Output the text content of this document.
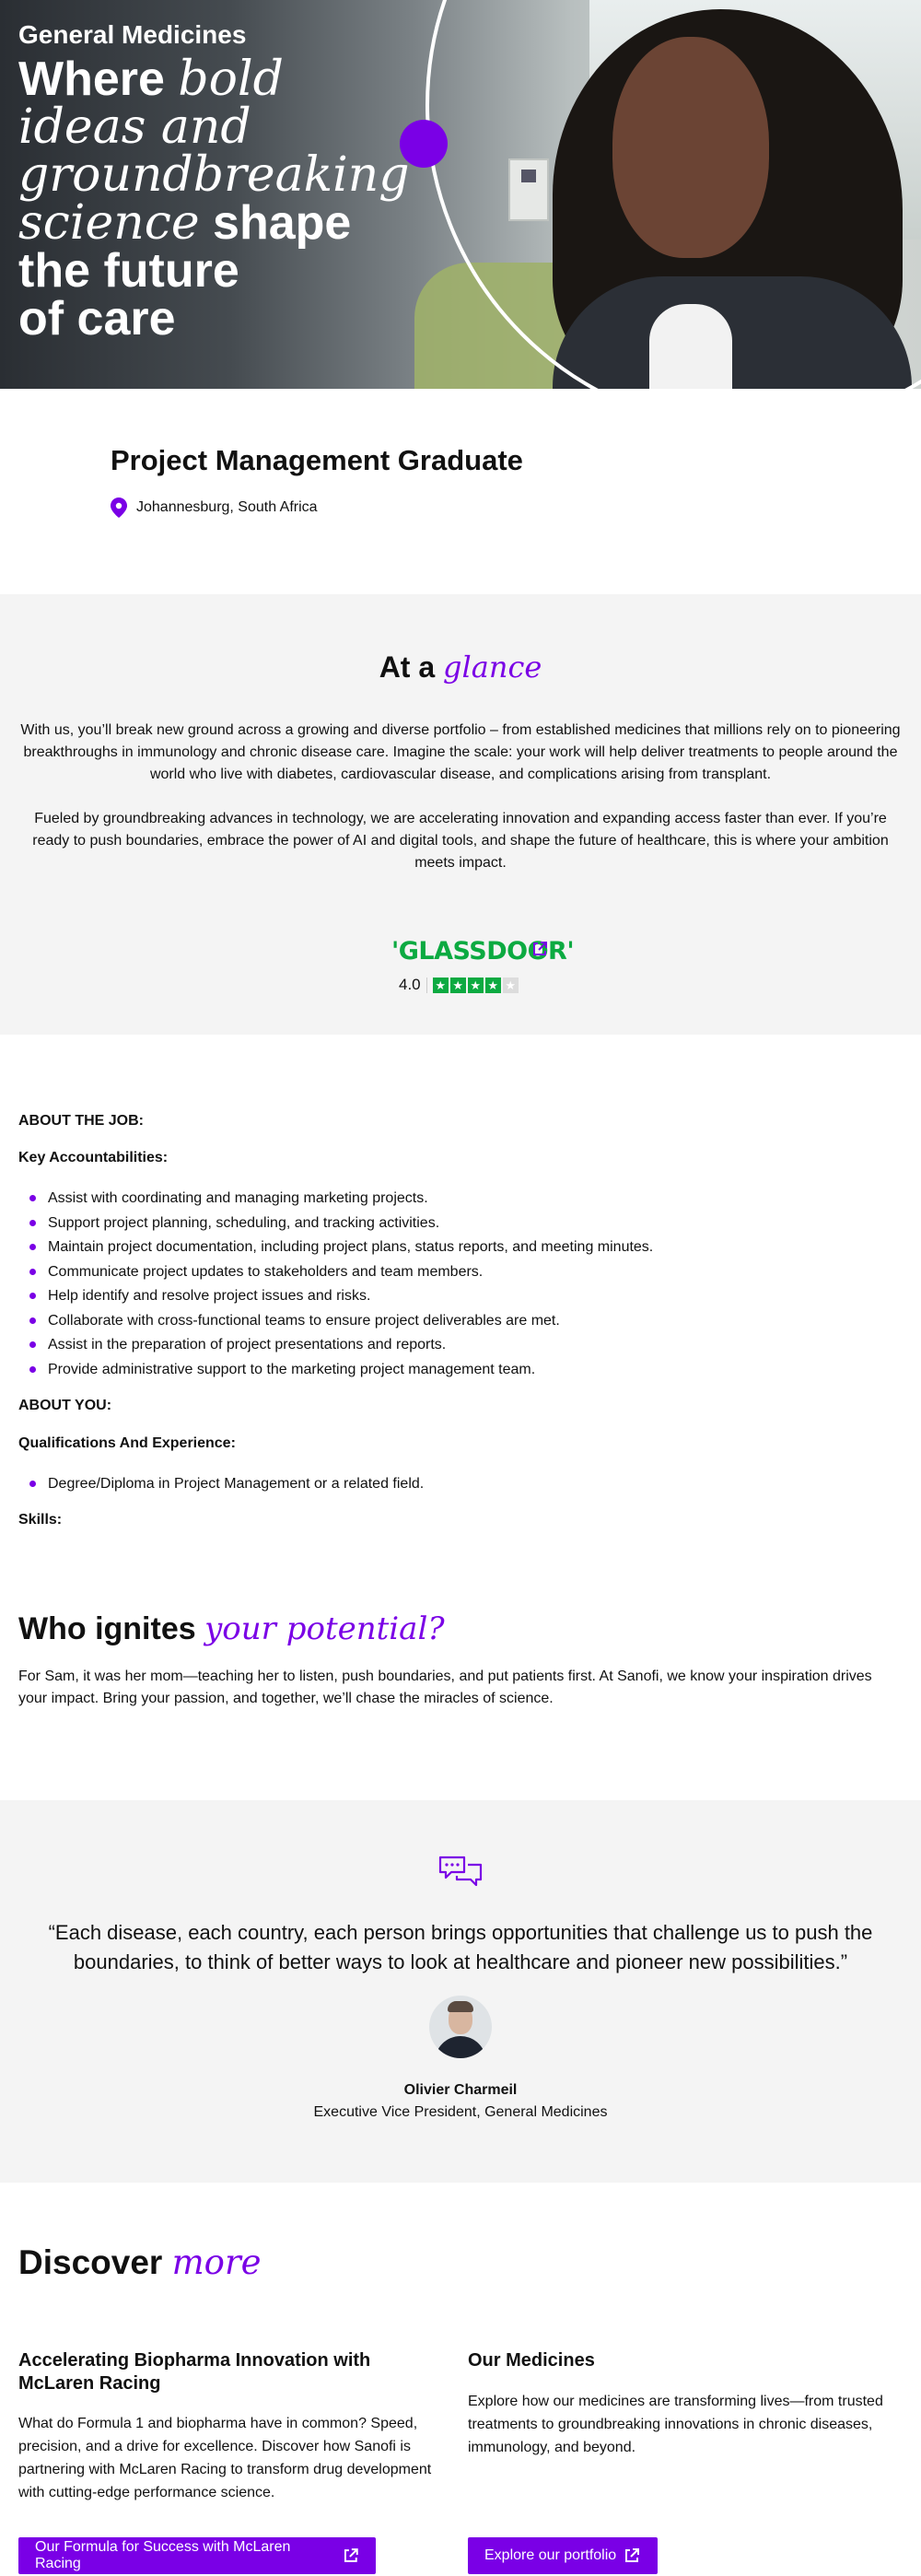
General Medicines
Where bold
ideas and
groundbreaking
science shape
the future
of care
Project Management Graduate
Johannesburg, South Africa
At a glance

With us, you’ll break new ground across a growing and diverse portfolio – from established medicines that millions rely on to pioneering breakthroughs in immunology and chronic disease care. Imagine the scale: your work will help deliver treatments to people around the world who live with diabetes, cardiovascular disease, and complications arising from transplant.

Fueled by groundbreaking advances in technology, we are accelerating innovation and expanding access faster than ever. If you’re ready to push boundaries, embrace the power of AI and digital tools, and shape the future of healthcare, this is where your ambition meets impact.

'GLASSDOOR'
4.0 ★ ★ ★ ★ ★

ABOUT THE JOB:

Key Accountabilities:

Assist with coordinating and managing marketing projects.
Support project planning, scheduling, and tracking activities.
Maintain project documentation, including project plans, status reports, and meeting minutes.
Communicate project updates to stakeholders and team members.
Help identify and resolve project issues and risks.
Collaborate with cross-functional teams to ensure project deliverables are met.
Assist in the preparation of project presentations and reports.
Provide administrative support to the marketing project management team.

ABOUT YOU:

Qualifications And Experience:

Degree/Diploma in Project Management or a related field.

Skills:

Who ignites your potential?

For Sam, it was her mom—teaching her to listen, push boundaries, and put patients first. At Sanofi, we know your inspiration drives your impact. Bring your passion, and together, we’ll chase the miracles of science.

“Each disease, each country, each person brings opportunities that challenge us to push the boundaries, to think of better ways to look at healthcare and pioneer new possibilities.”

Olivier Charmeil
Executive Vice President, General Medicines
Discover more
Accelerating Biopharma Innovation with McLaren Racing

What do Formula 1 and biopharma have in common? Speed, precision, and a drive for excellence. Discover how Sanofi is partnering with McLaren Racing to transform drug development with cutting-edge performance science.

Our Medicines

Explore how our medicines are transforming lives—from trusted treatments to groundbreaking innovations in chronic diseases, immunology, and beyond.

Our Formula for Success with McLaren Racing
Explore our portfolio
